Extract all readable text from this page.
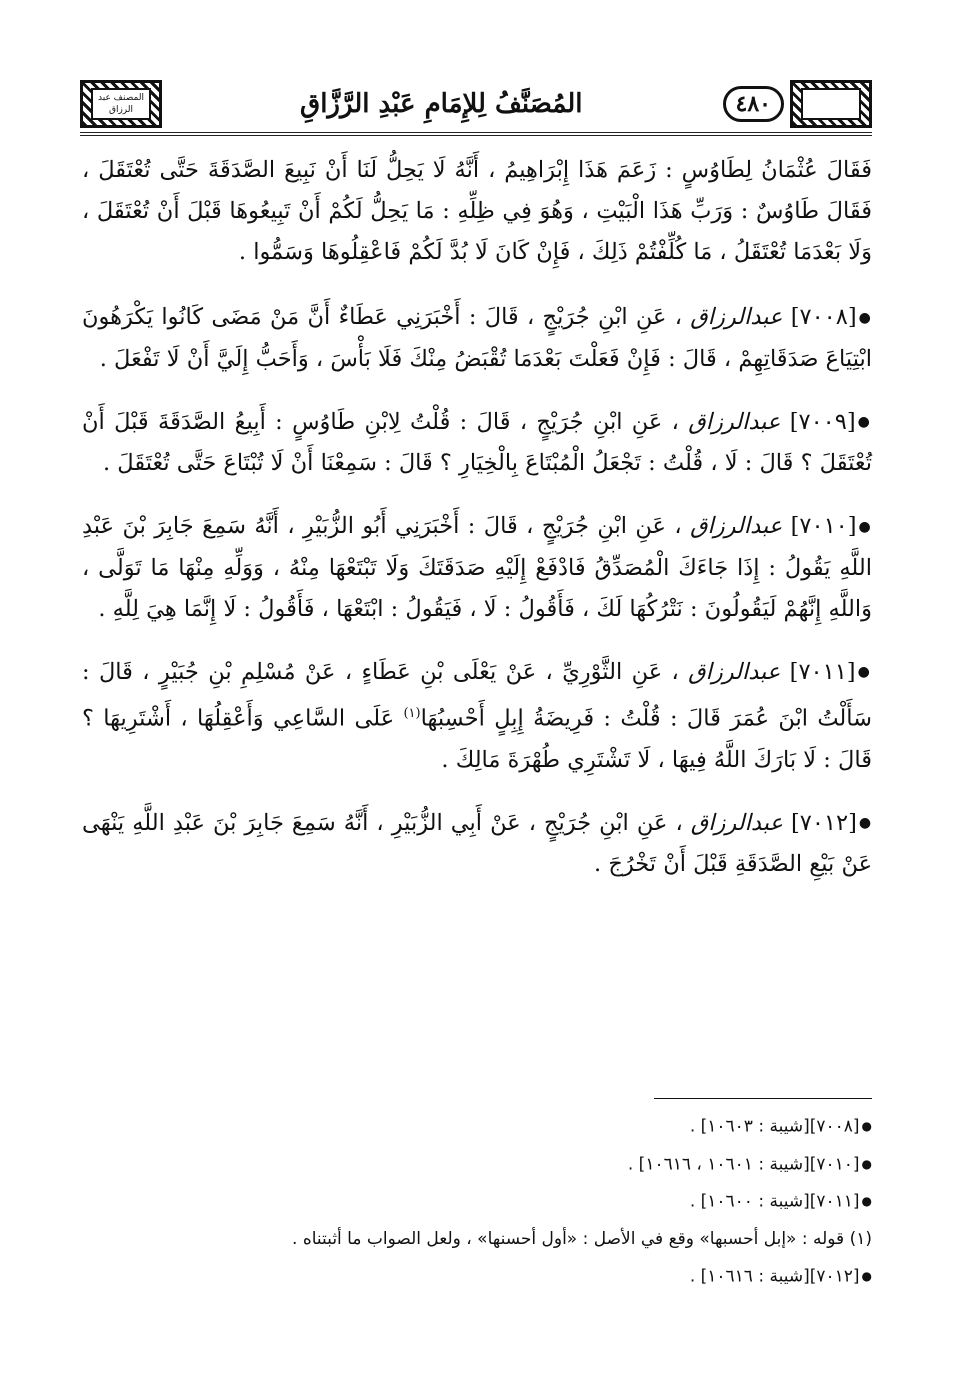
٤٨٠
المُصَنَّفُ لِلإِمَامِ عَبْدِ الرَّزَّاقِ
المصنف عبد الرزاق

فَقَالَ عُثْمَانُ لِطَاوُسٍ : زَعَمَ هَذَا إِبْرَاهِيمُ ، أَنَّهُ لَا يَحِلُّ لَنَا أَنْ نَبِيعَ الصَّدَقَةَ حَتَّى تُعْتَقَلَ ، فَقَالَ طَاوُسٌ : وَرَبِّ هَذَا الْبَيْتِ ، وَهُوَ فِي ظِلِّهِ : مَا يَحِلُّ لَكُمْ أَنْ تَبِيعُوهَا قَبْلَ أَنْ تُعْتَقَلَ ، وَلَا بَعْدَمَا تُعْتَقَلُ ، مَا كُلِّفْتُمْ ذَلِكَ ، فَإِنْ كَانَ لَا بُدَّ لَكُمْ فَاعْقِلُوهَا وَسَمُّوا .

●[٧٠٠٨] عبدالرزاق ، عَنِ ابْنِ جُرَيْجٍ ، قَالَ : أَخْبَرَنِي عَطَاءٌ أَنَّ مَنْ مَضَى كَانُوا يَكْرَهُونَ ابْتِيَاعَ صَدَقَاتِهِمْ ، قَالَ : فَإِنْ فَعَلْتَ بَعْدَمَا تُقْبَضُ مِنْكَ فَلَا بَأْسَ ، وَأَحَبُّ إِلَيَّ أَنْ لَا تَفْعَلَ .

●[٧٠٠٩] عبدالرزاق ، عَنِ ابْنِ جُرَيْجٍ ، قَالَ : قُلْتُ لِابْنِ طَاوُسٍ : أَبِيعُ الصَّدَقَةَ قَبْلَ أَنْ تُعْتَقَلَ ؟ قَالَ : لَا ، قُلْتُ : تَجْعَلُ الْمُبْتَاعَ بِالْخِيَارِ ؟ قَالَ : سَمِعْنَا أَنْ لَا تُبْتَاعَ حَتَّى تُعْتَقَلَ .

●[٧٠١٠] عبدالرزاق ، عَنِ ابْنِ جُرَيْجٍ ، قَالَ : أَخْبَرَنِي أَبُو الزُّبَيْرِ ، أَنَّهُ سَمِعَ جَابِرَ بْنَ عَبْدِ اللَّهِ يَقُولُ : إِذَا جَاءَكَ الْمُصَدِّقُ فَادْفَعْ إِلَيْهِ صَدَقَتَكَ وَلَا تَبْتَعْهَا مِنْهُ ، وَوَلِّهِ مِنْهَا مَا تَوَلَّى ، وَاللَّهِ إِنَّهُمْ لَيَقُولُونَ : نَتْرُكُهَا لَكَ ، فَأَقُولُ : لَا ، فَيَقُولُ : ابْتَعْهَا ، فَأَقُولُ : لَا إِنَّمَا هِيَ لِلَّهِ .

●[٧٠١١] عبدالرزاق ، عَنِ الثَّوْرِيِّ ، عَنْ يَعْلَى بْنِ عَطَاءٍ ، عَنْ مُسْلِمِ بْنِ جُبَيْرٍ ، قَالَ : سَأَلْتُ ابْنَ عُمَرَ قَالَ : قُلْتُ : فَرِيضَةُ إِبِلٍ أَحْسِبُهَا$^{(١)}$ عَلَى السَّاعِي وَأَعْقِلُهَا ، أَشْتَرِيهَا ؟ قَالَ : لَا بَارَكَ اللَّهُ فِيهَا ، لَا تَشْتَرِي طُهْرَةَ مَالِكَ .

●[٧٠١٢] عبدالرزاق ، عَنِ ابْنِ جُرَيْجٍ ، عَنْ أَبِي الزُّبَيْرِ ، أَنَّهُ سَمِعَ جَابِرَ بْنَ عَبْدِ اللَّهِ يَنْهَى عَنْ بَيْعِ الصَّدَقَةِ قَبْلَ أَنْ تَخْرُجَ .

●[٧٠٠٨][شيبة : ١٠٦٠٣] .
●[٧٠١٠][شيبة : ١٠٦٠١ ، ١٠٦١٦] .
●[٧٠١١][شيبة : ١٠٦٠٠] .
(١) قوله : «إبل أحسبها» وقع في الأصل : «أول أحسنها» ، ولعل الصواب ما أثبتناه .
●[٧٠١٢][شيبة : ١٠٦١٦] .
